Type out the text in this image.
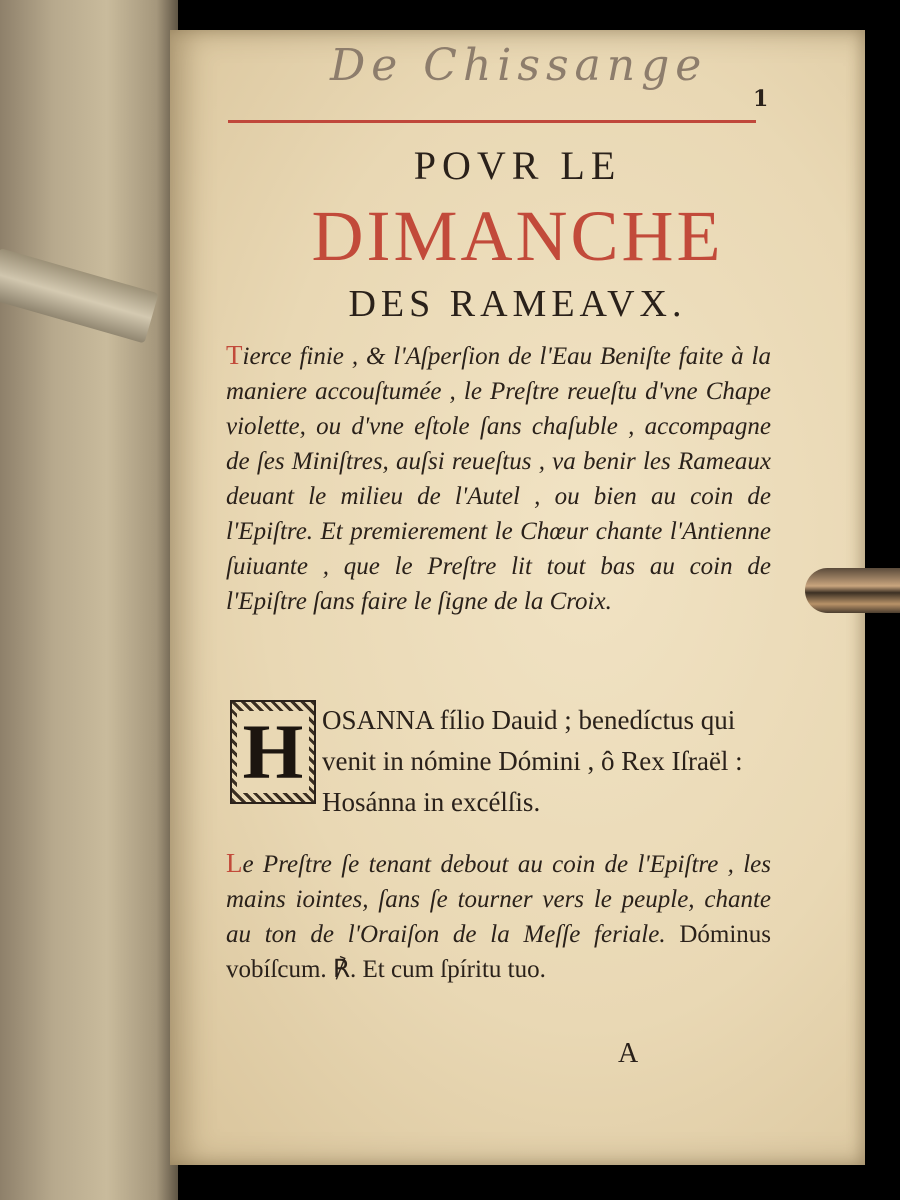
De Chissange
1
POVR LE
DIMANCHE
DES RAMEAVX.

Tierce finie , & l'Aſperſion de l'Eau Beniſte faite à la maniere accouſtumée , le Preſtre reueſtu d'vne Chape violette, ou d'vne eſtole ſans chaſuble , accompagne de ſes Miniſtres, auſsi reueſtus , va benir les Rameaux deuant le milieu de l'Autel , ou bien au coin de l'Epiſtre. Et premierement le Chœur chante l'Antienne ſuiuante , que le Preſtre lit tout bas au coin de l'Epiſtre ſans faire le ſigne de la Croix.

H OSANNA fílio Dauid ; benedíctus qui venit in nómine Dómini , ô Rex Iſraël : Hosánna in excélſis.

Le Preſtre ſe tenant debout au coin de l'Epiſtre , les mains iointes, ſans ſe tourner vers le peuple, chante au ton de l'Oraiſon de la Meſſe feriale. Dóminus vobíſcum. ℟. Et cum ſpíritu tuo.

A
